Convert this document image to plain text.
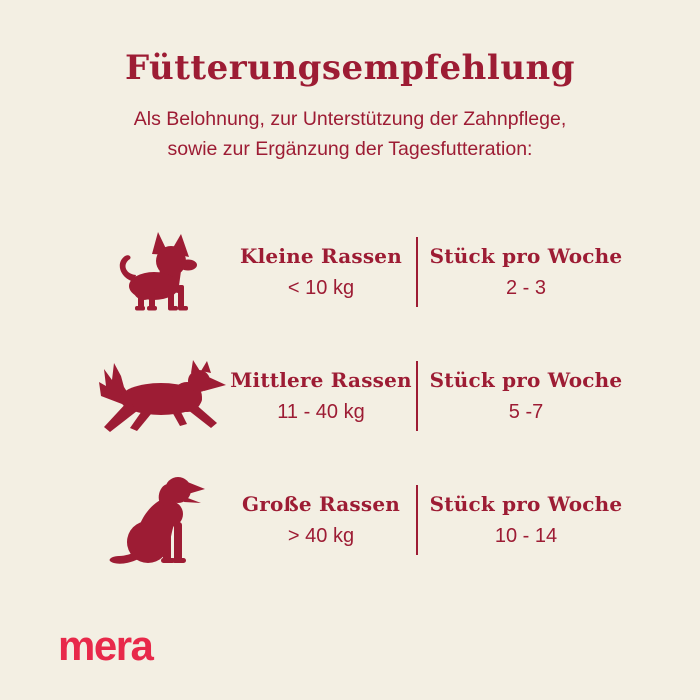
Fütterungsempfehlung

Als Belohnung, zur Unterstützung der Zahnpflege,
sowie zur Ergänzung der Tagesfutteration:

Kleine Rassen
< 10 kg
Stück pro Woche
2 - 3
Mittlere Rassen
11 - 40 kg
Stück pro Woche
5 -7
Große Rassen
> 40 kg
Stück pro Woche
10 - 14
mera
